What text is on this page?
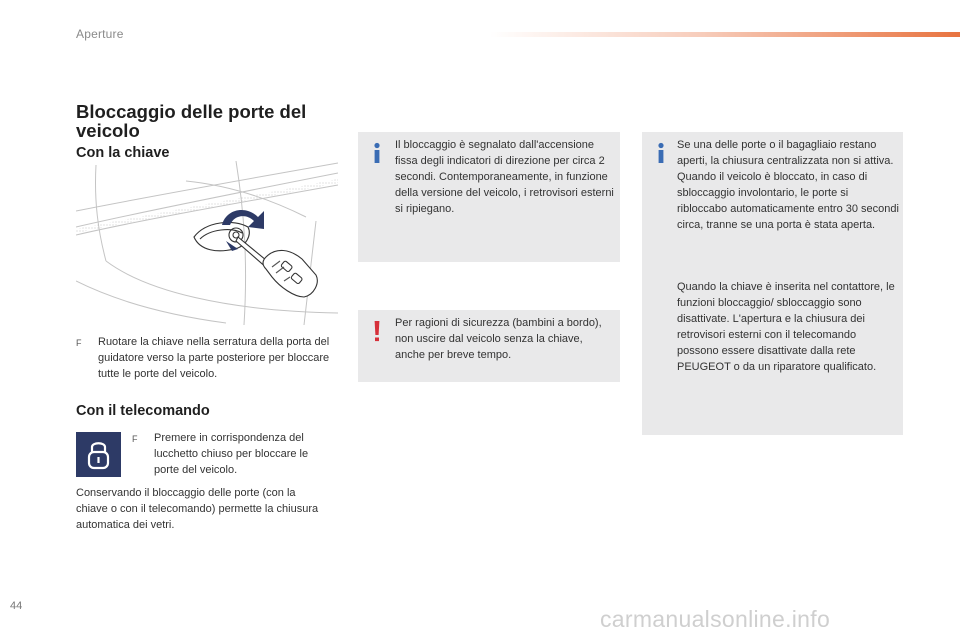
Aperture
Bloccaggio delle porte del veicolo
Con la chiave
F	Ruotare la chiave nella serratura della porta del guidatore verso la parte posteriore per bloccare tutte le porte del veicolo.
Con il telecomando
F	Premere in corrispondenza del lucchetto chiuso per bloccare le porte del veicolo.

Conservando il bloccaggio delle porte (con la chiave o con il telecomando) permette la chiusura automatica dei vetri.

Il bloccaggio è segnalato dall'accensione fissa degli indicatori di direzione per circa 2 secondi. Contemporaneamente, in funzione della versione del veicolo, i retrovisori esterni si ripiegano.

Per ragioni di sicurezza (bambini a bordo), non uscire dal veicolo senza la chiave, anche per breve tempo.

Se una delle porte o il bagagliaio restano aperti, la chiusura centralizzata non si attiva. Quando il veicolo è bloccato, in caso di sbloccaggio involontario, le porte si ribloccabo automaticamente entro 30 secondi circa, tranne se una porta è stata aperta.

Quando la chiave è inserita nel contattore, le funzioni bloccaggio/ sbloccaggio sono disattivate. L'apertura e la chiusura dei retrovisori esterni con il telecomando possono essere disattivate dalla rete PEUGEOT o da un riparatore qualificato.

44	carmanualsonline.info
